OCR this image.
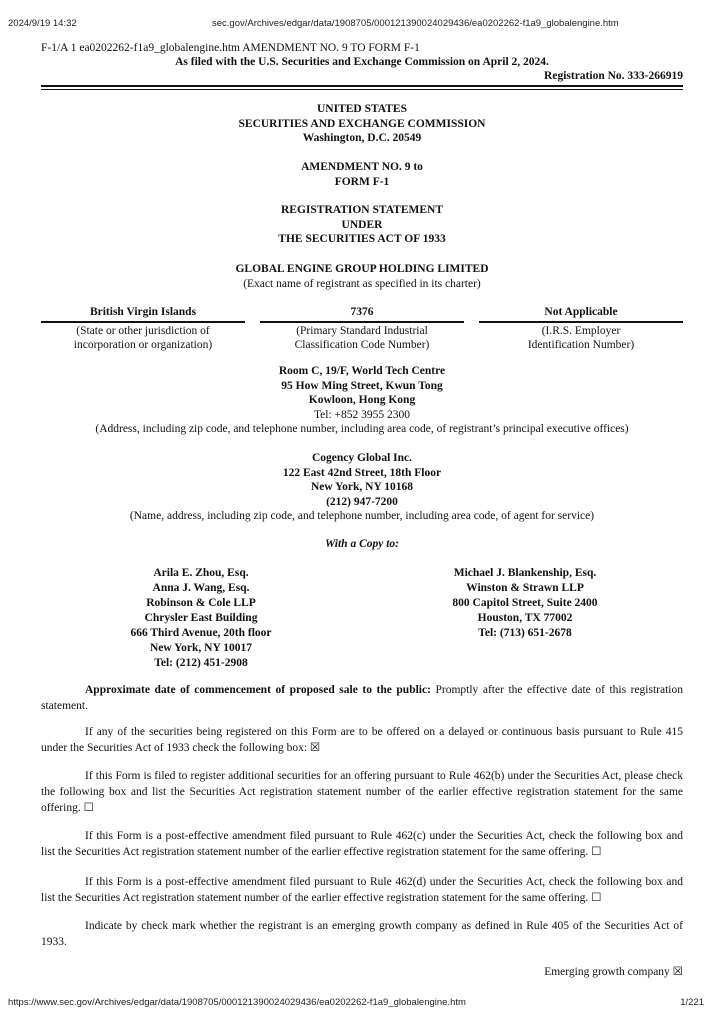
2024/9/19 14:32	sec.gov/Archives/edgar/data/1908705/000121390024029436/ea0202262-f1a9_globalengine.htm
F-1/A 1 ea0202262-f1a9_globalengine.htm AMENDMENT NO. 9 TO FORM F-1
As filed with the U.S. Securities and Exchange Commission on April 2, 2024.
Registration No. 333-266919
UNITED STATES
SECURITIES AND EXCHANGE COMMISSION
Washington, D.C. 20549
AMENDMENT NO. 9 to
FORM F-1
REGISTRATION STATEMENT
UNDER
THE SECURITIES ACT OF 1933
GLOBAL ENGINE GROUP HOLDING LIMITED
(Exact name of registrant as specified in its charter)
British Virgin Islands
(State or other jurisdiction of
incorporation or organization)
7376
(Primary Standard Industrial
Classification Code Number)
Not Applicable
(I.R.S. Employer
Identification Number)
Room C, 19/F, World Tech Centre
95 How Ming Street, Kwun Tong
Kowloon, Hong Kong
Tel: +852 3955 2300
(Address, including zip code, and telephone number, including area code, of registrant’s principal executive offices)
Cogency Global Inc.
122 East 42nd Street, 18th Floor
New York, NY 10168
(212) 947-7200
(Name, address, including zip code, and telephone number, including area code, of agent for service)
With a Copy to:
Arila E. Zhou, Esq.
Anna J. Wang, Esq.
Robinson & Cole LLP
Chrysler East Building
666 Third Avenue, 20th floor
New York, NY 10017
Tel: (212) 451-2908
Michael J. Blankenship, Esq.
Winston & Strawn LLP
800 Capitol Street, Suite 2400
Houston, TX 77002
Tel: (713) 651-2678
Approximate date of commencement of proposed sale to the public: Promptly after the effective date of this registration statement.
If any of the securities being registered on this Form are to be offered on a delayed or continuous basis pursuant to Rule 415 under the Securities Act of 1933 check the following box: ☒
If this Form is filed to register additional securities for an offering pursuant to Rule 462(b) under the Securities Act, please check the following box and list the Securities Act registration statement number of the earlier effective registration statement for the same offering. ☐
If this Form is a post-effective amendment filed pursuant to Rule 462(c) under the Securities Act, check the following box and list the Securities Act registration statement number of the earlier effective registration statement for the same offering. ☐
If this Form is a post-effective amendment filed pursuant to Rule 462(d) under the Securities Act, check the following box and list the Securities Act registration statement number of the earlier effective registration statement for the same offering. ☐
Indicate by check mark whether the registrant is an emerging growth company as defined in Rule 405 of the Securities Act of 1933.
Emerging growth company ☒
https://www.sec.gov/Archives/edgar/data/1908705/000121390024029436/ea0202262-f1a9_globalengine.htm	1/221
